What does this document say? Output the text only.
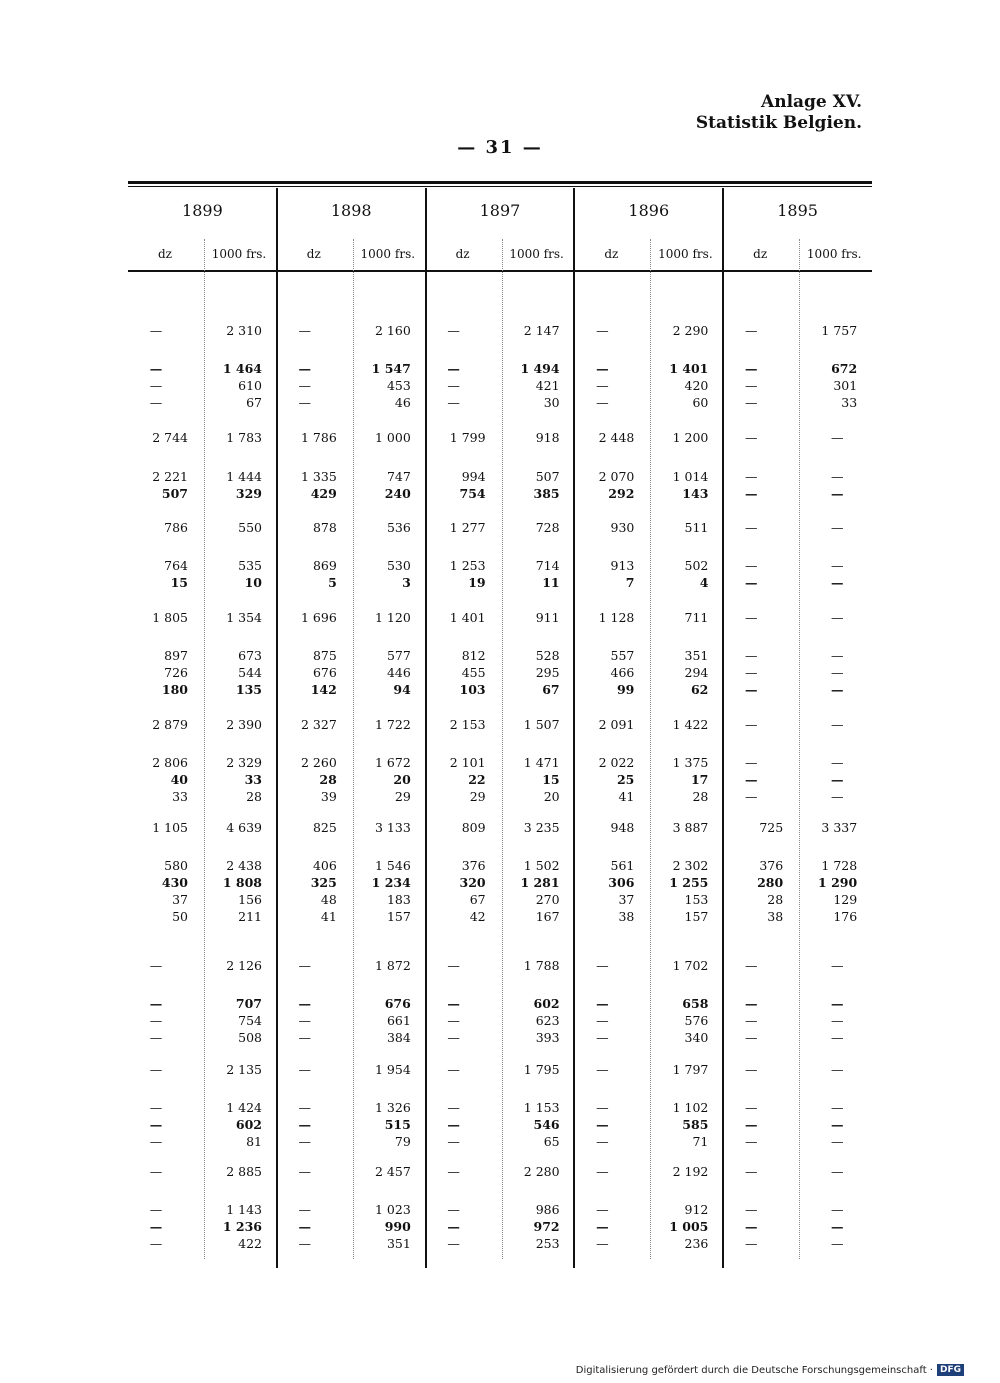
Anlage XV.
Statistik Belgien.
— 31 —
1899
dz	1000 frs.
1898
dz	1000 frs.
1897
dz	1000 frs.
1896
dz	1000 frs.
1895
dz	1000 frs.
—	2 310	—	2 160	—	2 147	—	2 290	—	1 757
—	1 464	—	1 547	—	1 494	—	1 401	—	672
—	610	—	453	—	421	—	420	—	301
—	67	—	46	—	30	—	60	—	33
2 744	1 783	1 786	1 000	1 799	918	2 448	1 200	—	—
2 221	1 444	1 335	747	994	507	2 070	1 014	—	—
507	329	429	240	754	385	292	143	—	—
786	550	878	536	1 277	728	930	511	—	—
764	535	869	530	1 253	714	913	502	—	—
15	10	5	3	19	11	7	4	—	—
1 805	1 354	1 696	1 120	1 401	911	1 128	711	—	—
897	673	875	577	812	528	557	351	—	—
726	544	676	446	455	295	466	294	—	—
180	135	142	94	103	67	99	62	—	—
2 879	2 390	2 327	1 722	2 153	1 507	2 091	1 422	—	—
2 806	2 329	2 260	1 672	2 101	1 471	2 022	1 375	—	—
40	33	28	20	22	15	25	17	—	—
33	28	39	29	29	20	41	28	—	—
1 105	4 639	825	3 133	809	3 235	948	3 887	725	3 337
580	2 438	406	1 546	376	1 502	561	2 302	376	1 728
430	1 808	325	1 234	320	1 281	306	1 255	280	1 290
37	156	48	183	67	270	37	153	28	129
50	211	41	157	42	167	38	157	38	176
—	2 126	—	1 872	—	1 788	—	1 702	—	—
—	707	—	676	—	602	—	658	—	—
—	754	—	661	—	623	—	576	—	—
—	508	—	384	—	393	—	340	—	—
—	2 135	—	1 954	—	1 795	—	1 797	—	—
—	1 424	—	1 326	—	1 153	—	1 102	—	—
—	602	—	515	—	546	—	585	—	—
—	81	—	79	—	65	—	71	—	—
—	2 885	—	2 457	—	2 280	—	2 192	—	—
—	1 143	—	1 023	—	986	—	912	—	—
—	1 236	—	990	—	972	—	1 005	—	—
—	422	—	351	—	253	—	236	—	—
Digitalisierung gefördert durch die Deutsche Forschungsgemeinschaft · DFG
